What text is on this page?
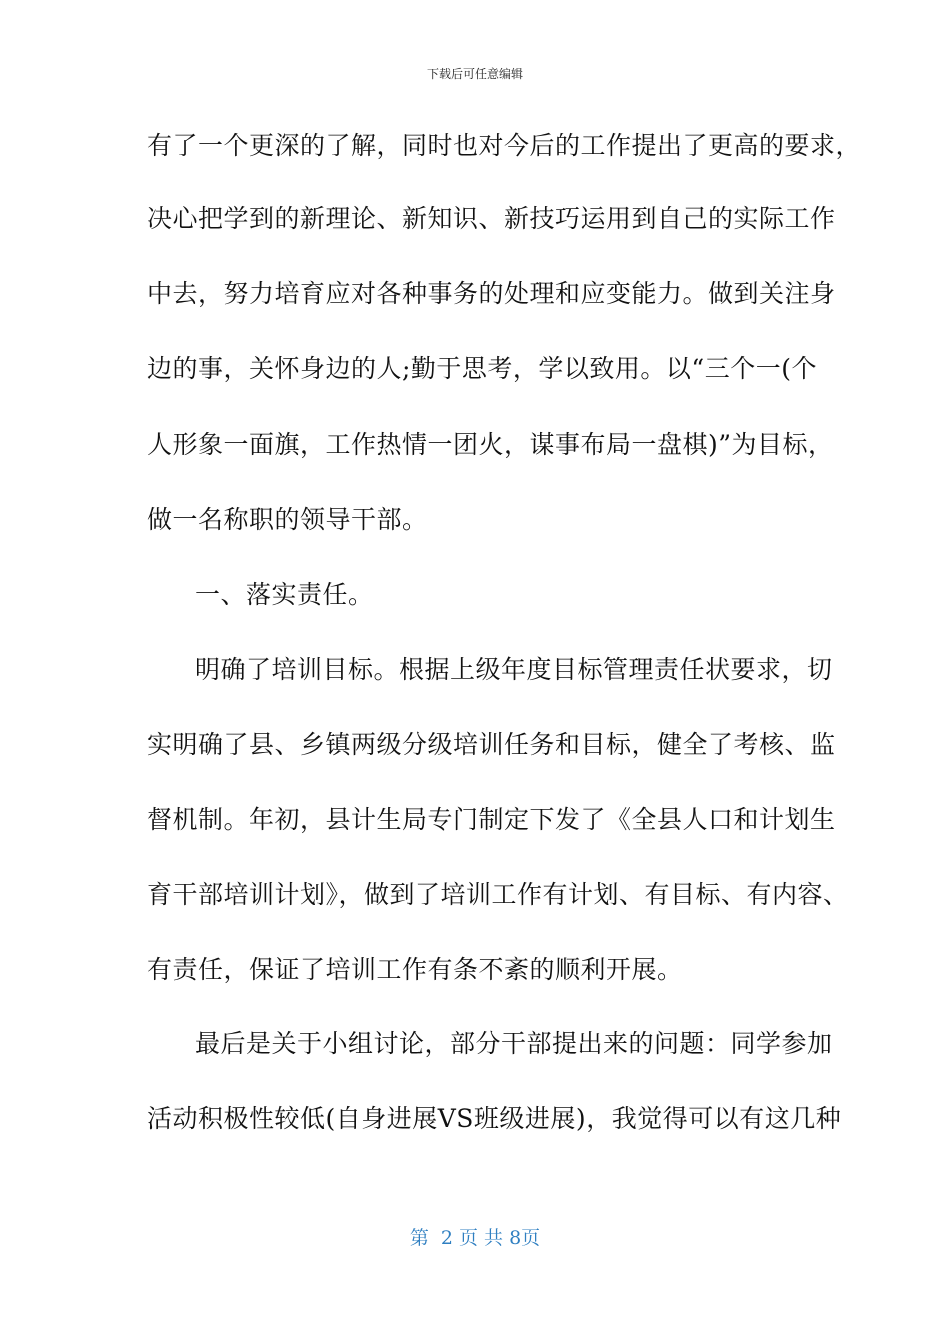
下载后可任意编辑
有了一个更深的了解，同时也对今后的工作提出了更高的要求，
决心把学到的新理论、新知识、新技巧运用到自己的实际工作
中去，努力培育应对各种事务的处理和应变能力。做到关注身
边的事，关怀身边的人;勤于思考，学以致用。以“三个一(个
人形象一面旗，工作热情一团火，谋事布局一盘棋)”为目标，
做一名称职的领导干部。
一、落实责任。
明确了培训目标。根据上级年度目标管理责任状要求，切
实明确了县、乡镇两级分级培训任务和目标，健全了考核、监
督机制。年初，县计生局专门制定下发了《全县人口和计划生
育干部培训计划》，做到了培训工作有计划、有目标、有内容、
有责任，保证了培训工作有条不紊的顺利开展。
最后是关于小组讨论，部分干部提出来的问题：同学参加
活动积极性较低(自身进展VS班级进展)，我觉得可以有这几种
第  2 页 共 8页
